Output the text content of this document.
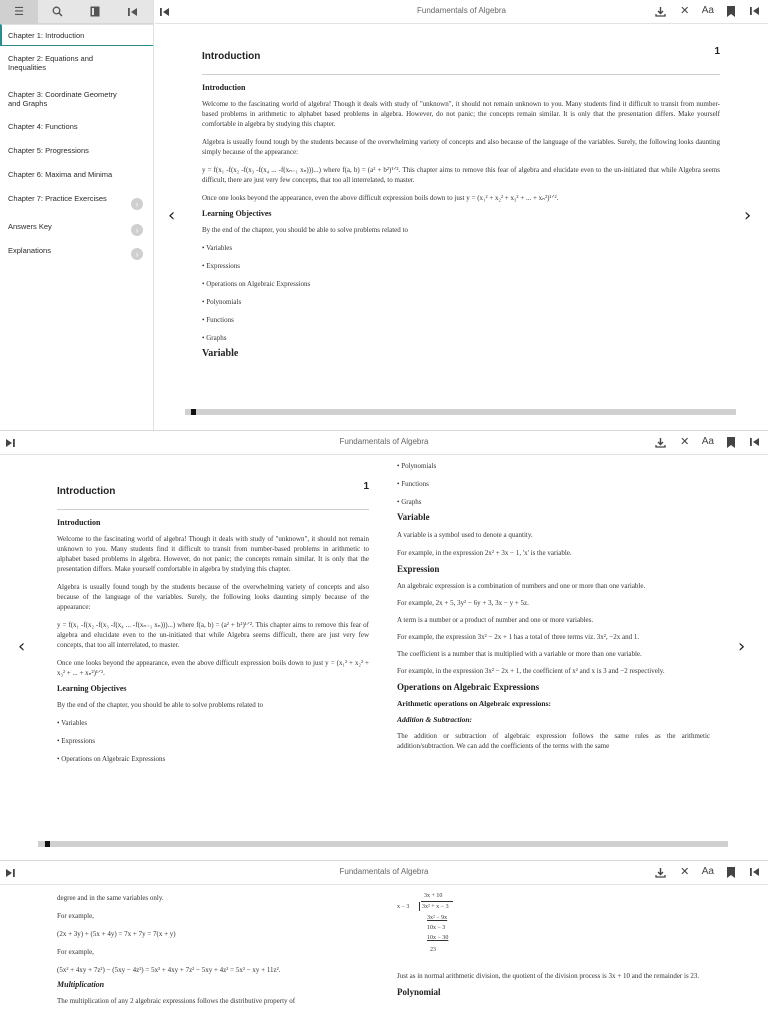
☰
Chapter 1: Introduction
Chapter 2: Equations and Inequalities
Chapter 3: Coordinate Geometry and Graphs
Chapter 4: Functions
Chapter 5: Progressions
Chapter 6: Maxima and Minima
Chapter 7: Practice Exercises
›
Answers Key	›
Explanations	›
Fundamentals of Algebra	✕ Aa
‹	›
Introduction	1
Introduction
Welcome to the fascinating world of algebra! Though it deals with study of "unknown", it should not remain unknown to you. Many students find it difficult to transit from number-based problems in arithmetic to alphabet based problems in algebra. However, do not panic; the concepts remain similar. It is only that the presentation differs. Make yourself comfortable in algebra by studying this chapter.
Algebra is usually found tough by the students because of the overwhelming variety of concepts and also because of the language of the variables. Surely, the following looks daunting simply because of the appearance:
y = f(x₁ -f(x₂ -f(x₃ -f(x₄ ... -f(xₙ₋₁ xₙ)))...) where f(a, b) = (a² + b²)¹ᐟ². This chapter aims to remove this fear of algebra and elucidate even to the un-initiated that while Algebra seems difficult, there are just very few concepts, that too all interrelated, to master.
Once one looks beyond the appearance, even the above difficult expression boils down to just y = (x₁² + x₂² + x₃² + ... + xₙ²)¹ᐟ².
Learning Objectives
By the end of the chapter, you should be able to solve problems related to
• Variables
• Expressions
• Operations on Algebraic Expressions
• Polynomials
• Functions
• Graphs
Variable
Fundamentals of Algebra	✕ Aa
‹	›
Introduction	1
Introduction
Welcome to the fascinating world of algebra! Though it deals with study of "unknown", it should not remain unknown to you. Many students find it difficult to transit from number-based problems in arithmetic to alphabet based problems in algebra. However, do not panic; the concepts remain similar. It is only that the presentation differs. Make yourself comfortable in algebra by studying this chapter.
Algebra is usually found tough by the students because of the overwhelming variety of concepts and also because of the language of the variables. Surely, the following looks daunting simply because of the appearance:
y = f(x₁ -f(x₂ -f(x₃ -f(x₄ ... -f(xₙ₋₁ xₙ)))...) where f(a, b) = (a² + b²)¹ᐟ². This chapter aims to remove this fear of algebra and elucidate even to the un-initiated that while Algebra seems difficult, there are just very few concepts, that too all interrelated, to master.
Once one looks beyond the appearance, even the above difficult expression boils down to just y = (x₁² + x₂² + x₃² + ... + xₙ²)¹ᐟ².
Learning Objectives
By the end of the chapter, you should be able to solve problems related to
• Variables
• Expressions
• Operations on Algebraic Expressions
• Polynomials
• Functions
• Graphs
Variable
A variable is a symbol used to denote a quantity.
For example, in the expression 2x² + 3x − 1, 'x' is the variable.
Expression
An algebraic expression is a combination of numbers and one or more than one variable.
For example, 2x + 5, 3y² − 6y + 3, 3x − y + 5z.
A term is a number or a product of number and one or more variables.
For example, the expression 3x² − 2x + 1 has a total of three terms viz. 3x², −2x and 1.
The coefficient is a number that is multiplied with a variable or more than one variable.
For example, in the expression 3x² − 2x + 1, the coefficient of x² and x is 3 and −2 respectively.
Operations on Algebraic Expressions
Arithmetic operations on Algebraic expressions:
Addition & Subtraction:
The addition or subtraction of algebraic expression follows the same rules as the arithmetic addition/subtraction. We can add the coefficients of the terms with the same
Fundamentals of Algebra	✕ Aa
degree and in the same variables only.
For example,
(2x + 3y) + (5x + 4y) = 7x + 7y = 7(x + y)
For example,
(5x² + 4xy + 7z²) − (5xy − 4z²) = 5x² + 4xy + 7z² − 5xy + 4z² = 5x² − xy + 11z².
Multiplication
The multiplication of any 2 algebraic expressions follows the distributive property of
3x + 10
x − 3 3x² + x − 3
3x² − 9x
10x − 3
10x − 30
23
Just as in normal arithmetic division, the quotient of the division process is 3x + 10 and the remainder is 23.
Polynomial
